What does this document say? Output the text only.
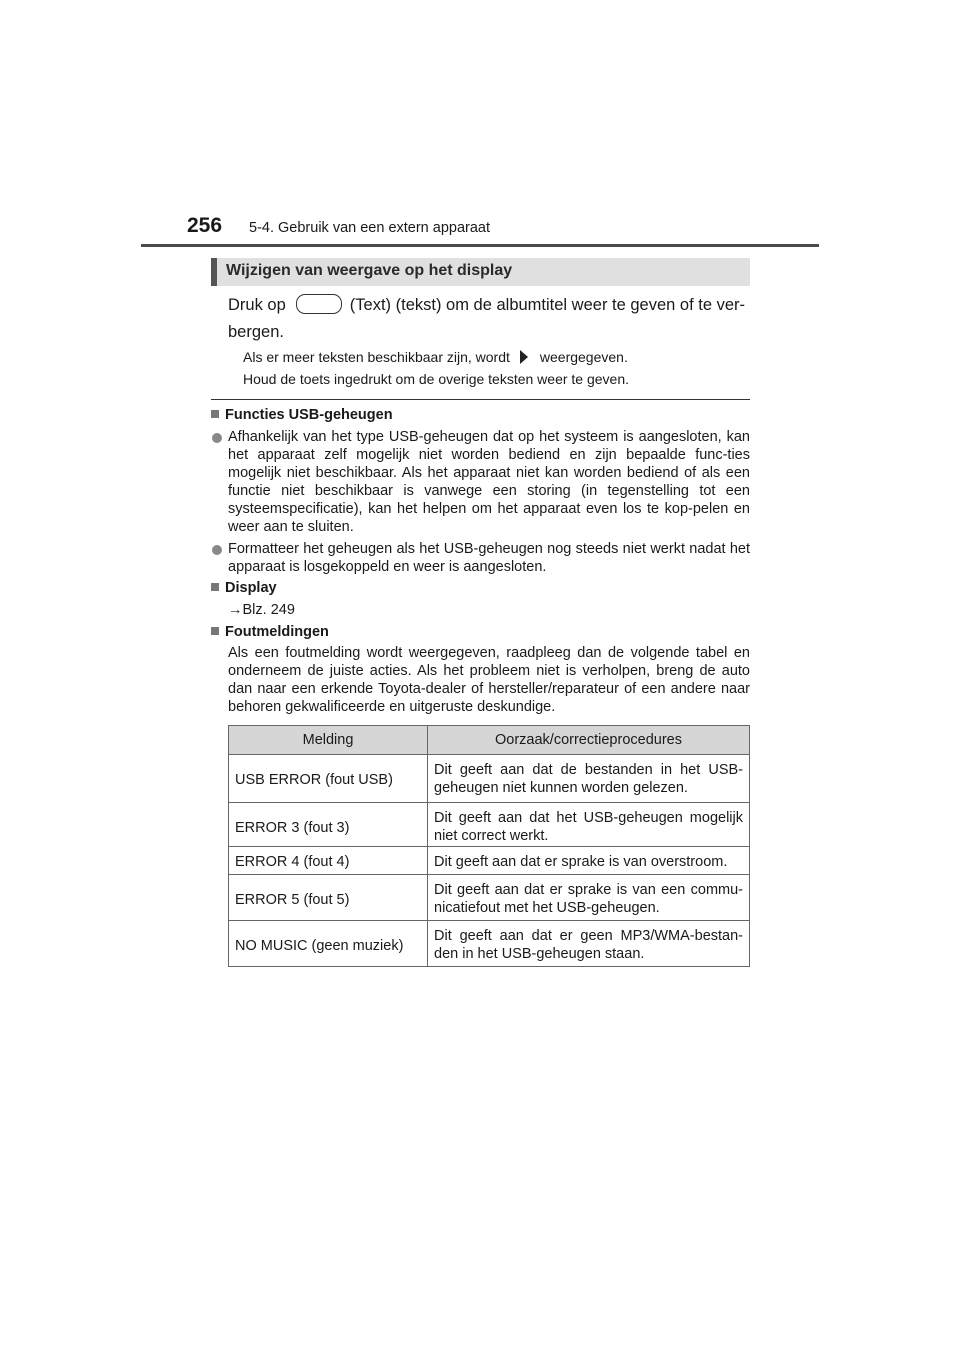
256 5-4. Gebruik van een extern apparaat
Wijzigen van weergave op het display
Druk op	(Text) (tekst) om de albumtitel weer te geven of te ver-bergen.
Als er meer teksten beschikbaar zijn, wordt weergegeven.
Houd de toets ingedrukt om de overige teksten weer te geven.
Functies USB-geheugen
Afhankelijk van het type USB-geheugen dat op het systeem is aangesloten, kan het apparaat zelf mogelijk niet worden bediend en zijn bepaalde func-ties mogelijk niet beschikbaar. Als het apparaat niet kan worden bediend of als een functie niet beschikbaar is vanwege een storing (in tegenstelling tot een systeemspecificatie), kan het helpen om het apparaat even los te kop-pelen en weer aan te sluiten.
Formatteer het geheugen als het USB-geheugen nog steeds niet werkt nadat het apparaat is losgekoppeld en weer is aangesloten.
Display
→Blz. 249
Foutmeldingen
Als een foutmelding wordt weergegeven, raadpleeg dan de volgende tabel en onderneem de juiste acties. Als het probleem niet is verholpen, breng de auto dan naar een erkende Toyota-dealer of hersteller/reparateur of een andere naar behoren gekwalificeerde en uitgeruste deskundige.
Melding	Oorzaak/correctieprocedures
USB ERROR (fout USB)	Dit geeft aan dat de bestanden in het USB-geheugen niet kunnen worden gelezen.
ERROR 3 (fout 3)	Dit geeft aan dat het USB-geheugen mogelijk niet correct werkt.
ERROR 4 (fout 4)	Dit geeft aan dat er sprake is van overstroom.
ERROR 5 (fout 5)	Dit geeft aan dat er sprake is van een commu-nicatiefout met het USB-geheugen.
NO MUSIC (geen muziek)	Dit geeft aan dat er geen MP3/WMA-bestan-den in het USB-geheugen staan.
